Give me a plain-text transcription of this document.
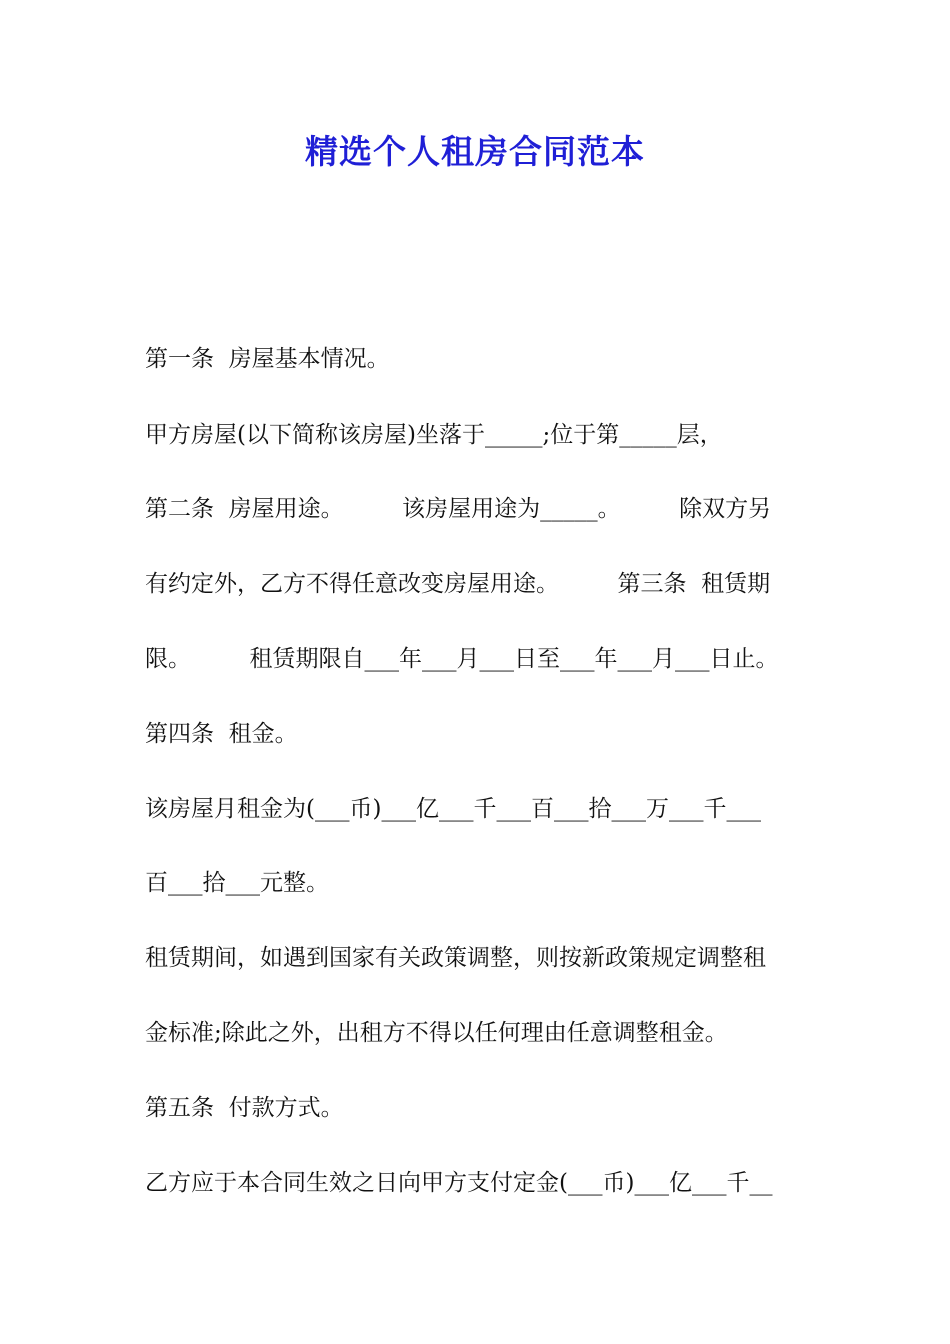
精选个人租房合同范本
第一条  房屋基本情况。
甲方房屋(以下简称该房屋)坐落于_____;位于第_____层，
第二条  房屋用途。        该房屋用途为_____。        除双方另
有约定外，乙方不得任意改变房屋用途。        第三条  租赁期
限。        租赁期限自___年___月___日至___年___月___日止。
第四条  租金。
该房屋月租金为(___币)___亿___千___百___拾___万___千___
百___拾___元整。
租赁期间，如遇到国家有关政策调整，则按新政策规定调整租
金标准;除此之外，出租方不得以任何理由任意调整租金。
第五条  付款方式。
乙方应于本合同生效之日向甲方支付定金(___币)___亿___千__
